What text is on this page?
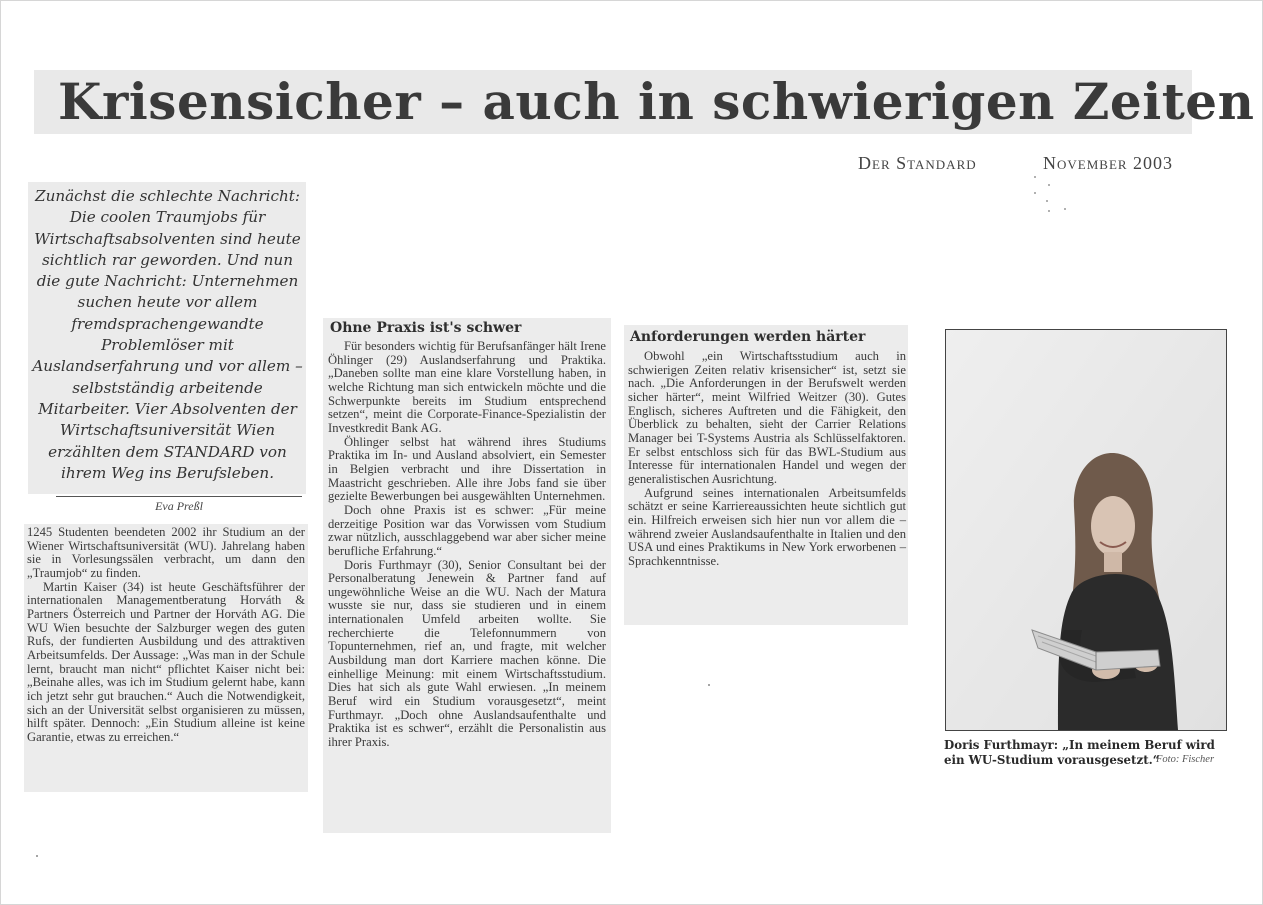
Krisensicher – auch in schwierigen Zeiten
Der Standard	November 2003

Zunächst die schlechte Nachricht: Die coolen Traumjobs für Wirtschaftsabsolventen sind heute sichtlich rar geworden. Und nun die gute Nachricht: Unternehmen suchen heute vor allem fremdsprachengewandte Problemlöser mit Auslandserfahrung und vor allem – selbstständig arbeitende Mitarbeiter. Vier Absolventen der Wirtschaftsuniversität Wien erzählten dem STANDARD von ihrem Weg ins Berufsleben.

Eva Preßl

1245 Studenten beendeten 2002 ihr Studium an der Wiener Wirtschaftsuniversität (WU). Jahrelang haben sie in Vorlesungssälen verbracht, um dann den „Traumjob“ zu finden.

Martin Kaiser (34) ist heute Geschäftsführer der internationalen Managementberatung Horváth & Partners Österreich und Partner der Horváth AG. Die WU Wien besuchte der Salzburger wegen des guten Rufs, der fundierten Ausbildung und des attraktiven Arbeitsumfelds. Der Aussage: „Was man in der Schule lernt, braucht man nicht“ pflichtet Kaiser nicht bei: „Beinahe alles, was ich im Studium gelernt habe, kann ich jetzt sehr gut brauchen.“ Auch die Notwendigkeit, sich an der Universität selbst organisieren zu müssen, hilft später. Dennoch: „Ein Studium alleine ist keine Garantie, etwas zu erreichen.“

Ohne Praxis ist's schwer

Für besonders wichtig für Berufsanfänger hält Irene Öhlinger (29) Auslandserfahrung und Praktika. „Daneben sollte man eine klare Vorstellung haben, in welche Richtung man sich entwickeln möchte und die Schwerpunkte bereits im Studium entsprechend setzen“, meint die Corporate-Finance-Spezialistin der Investkredit Bank AG.

Öhlinger selbst hat während ihres Studiums Praktika im In- und Ausland absolviert, ein Semester in Belgien verbracht und ihre Dissertation in Maastricht geschrieben. Alle ihre Jobs fand sie über gezielte Bewerbungen bei ausgewählten Unternehmen.

Doch ohne Praxis ist es schwer: „Für meine derzeitige Position war das Vorwissen vom Studium zwar nützlich, ausschlaggebend war aber sicher meine berufliche Erfahrung.“

Doris Furthmayr (30), Senior Consultant bei der Personalberatung Jenewein & Partner fand auf ungewöhnliche Weise an die WU. Nach der Matura wusste sie nur, dass sie studieren und in einem internationalen Umfeld arbeiten wollte. Sie recherchierte die Telefonnummern von Topunternehmen, rief an, und fragte, mit welcher Ausbildung man dort Karriere machen könne. Die einhellige Meinung: mit einem Wirtschaftsstudium. Dies hat sich als gute Wahl erwiesen. „In meinem Beruf wird ein Studium vorausgesetzt“, meint Furthmayr. „Doch ohne Auslandsaufenthalte und Praktika ist es schwer“, erzählt die Personalistin aus ihrer Praxis.

Anforderungen werden härter

Obwohl „ein Wirtschaftsstudium auch in schwierigen Zeiten relativ krisensicher“ ist, setzt sie nach. „Die Anforderungen in der Berufswelt werden sicher härter“, meint Wilfried Weitzer (30). Gutes Englisch, sicheres Auftreten und die Fähigkeit, den Überblick zu behalten, sieht der Carrier Relations Manager bei T-Systems Austria als Schlüsselfaktoren. Er selbst entschloss sich für das BWL-Studium aus Interesse für internationalen Handel und wegen der generalistischen Ausrichtung.

Aufgrund seines internationalen Arbeitsumfelds schätzt er seine Karriereaussichten heute sichtlich gut ein. Hilfreich erweisen sich hier nun vor allem die – während zweier Auslandsaufenthalte in Italien und den USA und eines Praktikums in New York erworbenen – Sprachkenntnisse.

Doris Furthmayr: „In meinem Beruf wird ein WU-Studium vorausgesetzt.“

Foto: Fischer
